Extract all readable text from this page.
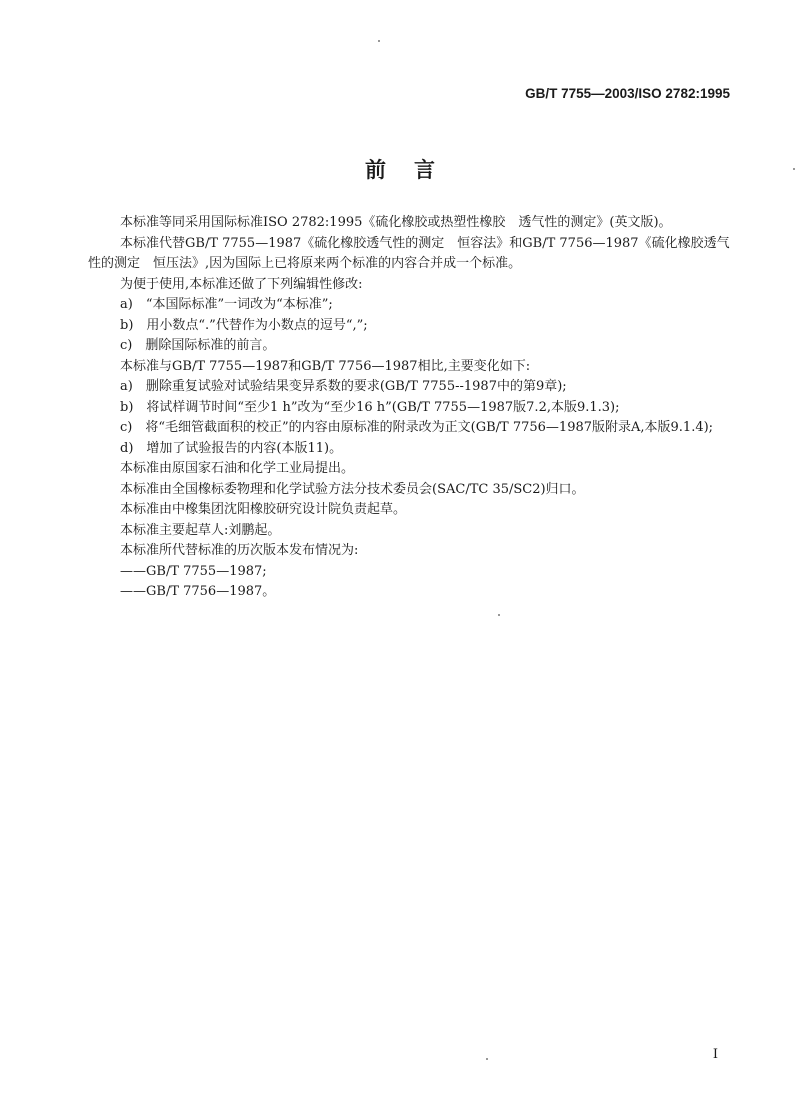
GB/T 7755—2003/ISO 2782:1995
前言
本标准等同采用国际标准ISO 2782:1995《硫化橡胶或热塑性橡胶　透气性的测定》(英文版)。
本标准代替GB/T 7755—1987《硫化橡胶透气性的测定　恒容法》和GB/T 7756—1987《硫化橡胶透气性的测定　恒压法》,因为国际上已将原来两个标准的内容合并成一个标准。
为便于使用,本标准还做了下列编辑性修改:
a)　“本国际标准”一词改为“本标准”;
b)　用小数点“.”代替作为小数点的逗号“,”;
c)　删除国际标准的前言。
本标准与GB/T 7755—1987和GB/T 7756—1987相比,主要变化如下:
a)　删除重复试验对试验结果变异系数的要求(GB/T 7755--1987中的第9章);
b)　将试样调节时间“至少1 h”改为“至少16 h”(GB/T 7755—1987版7.2,本版9.1.3);
c)　将“毛细管截面积的校正”的内容由原标准的附录改为正文(GB/T 7756—1987版附录A,本版9.1.4);
d)　增加了试验报告的内容(本版11)。
本标准由原国家石油和化学工业局提出。
本标准由全国橡标委物理和化学试验方法分技术委员会(SAC/TC 35/SC2)归口。
本标准由中橡集团沈阳橡胶研究设计院负责起草。
本标准主要起草人:刘鹏起。
本标准所代替标准的历次版本发布情况为:
——GB/T 7755—1987;
——GB/T 7756—1987。
I
